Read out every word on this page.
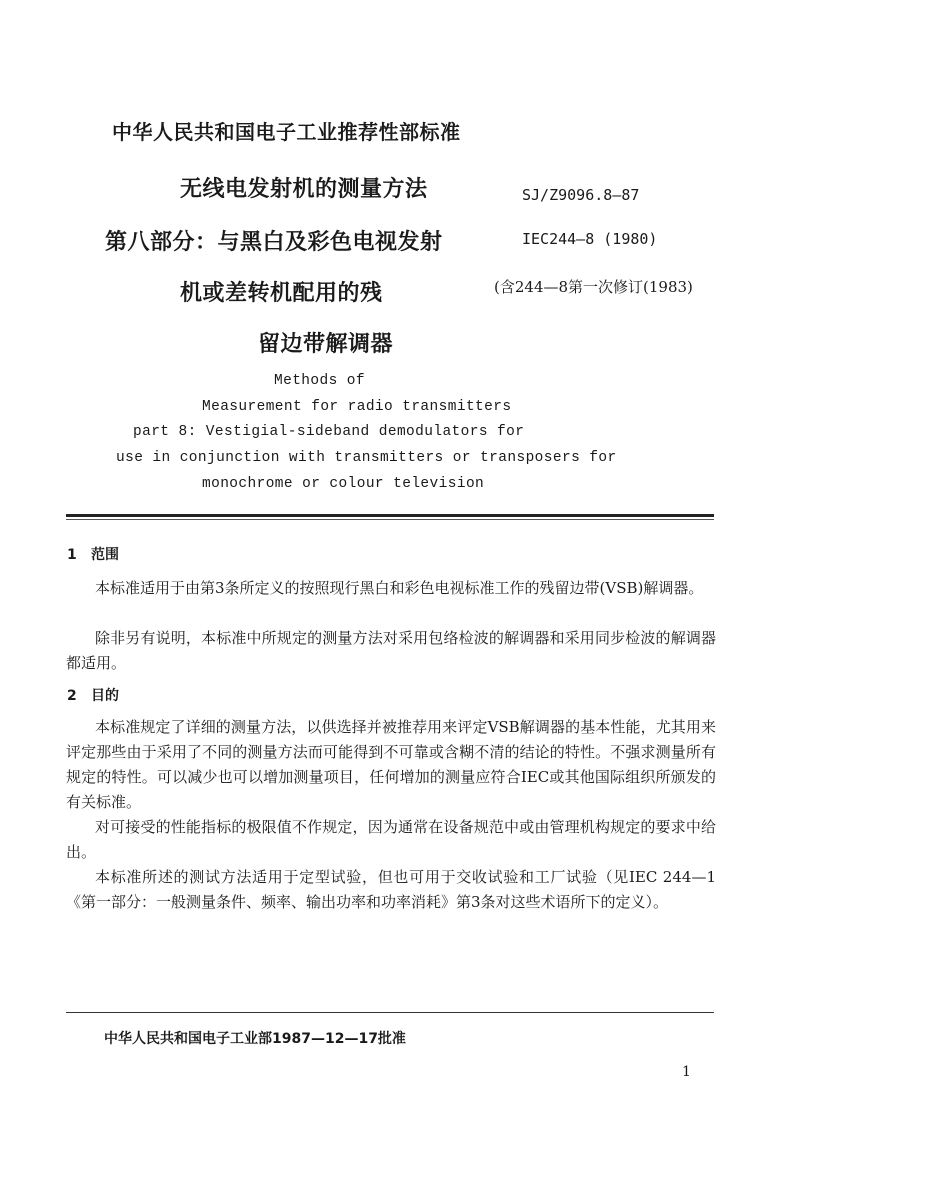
中华人民共和国电子工业推荐性部标准
无线电发射机的测量方法
第八部分：与黑白及彩色电视发射
机或差转机配用的残
留边带解调器
SJ/Z9096.8—87
IEC244—8 (1980)
(含244—8第一次修订(1983)
Methods of
Measurement for radio transmitters
part 8: Vestigial-sideband demodulators for
use in conjunction with transmitters or transposers for
monochrome or colour television
1 范围
本标准适用于由第3条所定义的按照现行黑白和彩色电视标准工作的残留边带(VSB)解调器。
除非另有说明，本标准中所规定的测量方法对采用包络检波的解调器和采用同步检波的解调器都适用。
2 目的
本标准规定了详细的测量方法，以供选择并被推荐用来评定VSB解调器的基本性能，尤其用来评定那些由于采用了不同的测量方法而可能得到不可靠或含糊不清的结论的特性。不强求测量所有规定的特性。可以减少也可以增加测量项目，任何增加的测量应符合IEC或其他国际组织所颁发的有关标准。
对可接受的性能指标的极限值不作规定，因为通常在设备规范中或由管理机构规定的要求中给出。
本标准所述的测试方法适用于定型试验，但也可用于交收试验和工厂试验（见IEC 244—1《第一部分：一般测量条件、频率、输出功率和功率消耗》第3条对这些术语所下的定义）。
中华人民共和国电子工业部1987—12—17批准
1
